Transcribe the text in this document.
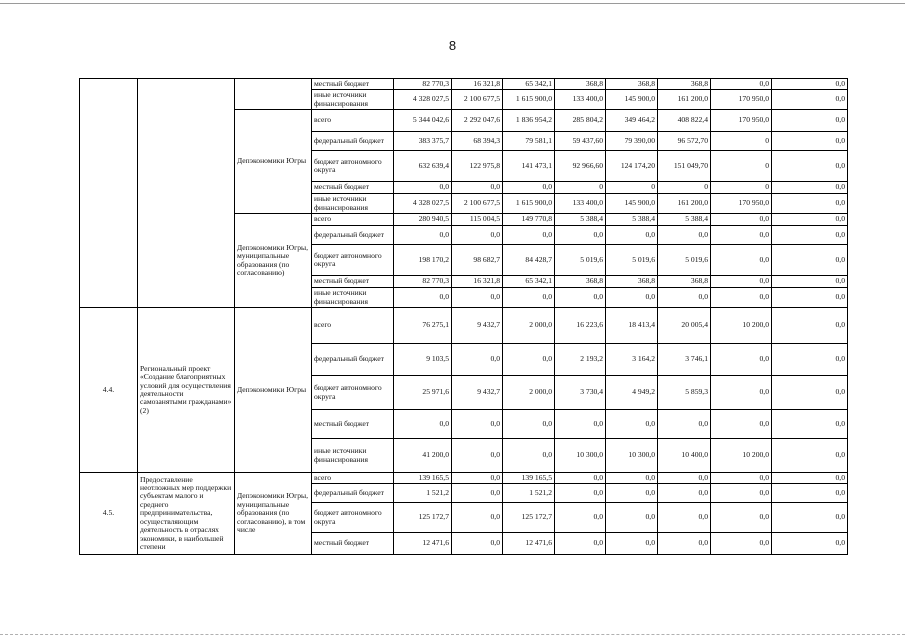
8
			местный бюджет	82 770,3	16 321,8	65 342,1	368,8	368,8	368,8	0,0	0,0	
			иные источники финансирования	4 328 027,5	2 100 677,5	1 615 900,0	133 400,0	145 900,0	161 200,0	170 950,0	0,0	
		Депэкономики Югры	всего	5 344 042,6	2 292 047,6	1 836 954,2	285 804,2	349 464,2	408 822,4	170 950,0	0,0	
			федеральный бюджет	383 375,7	68 394,3	79 581,1	59 437,60	79 390,00	96 572,70	0	0,0	
			бюджет автономного округа	632 639,4	122 975,8	141 473,1	92 966,60	124 174,20	151 049,70	0	0,0	
			местный бюджет	0,0	0,0	0,0	0	0	0	0	0,0	
			иные источники финансирования	4 328 027,5	2 100 677,5	1 615 900,0	133 400,0	145 900,0	161 200,0	170 950,0	0,0	
		Депэкономики Югры, муниципальные образования (по согласованию)	всего	280 940,5	115 004,5	149 770,8	5 388,4	5 388,4	5 388,4	0,0	0,0	
			федеральный бюджет	0,0	0,0	0,0	0,0	0,0	0,0	0,0	0,0	
			бюджет автономного округа	198 170,2	98 682,7	84 428,7	5 019,6	5 019,6	5 019,6	0,0	0,0	
			местный бюджет	82 770,3	16 321,8	65 342,1	368,8	368,8	368,8	0,0	0,0	
			иные источники финансирования	0,0	0,0	0,0	0,0	0,0	0,0	0,0	0,0	
4.4.	Региональный проект «Создание благоприятных условий для осуществления деятельности самозанятыми гражданами» (2)	Депэкономики Югры	всего	76 275,1	9 432,7	2 000,0	16 223,6	18 413,4	20 005,4	10 200,0	0,0	
			федеральный бюджет	9 103,5	0,0	0,0	2 193,2	3 164,2	3 746,1	0,0	0,0	
			бюджет автономного округа	25 971,6	9 432,7	2 000,0	3 730,4	4 949,2	5 859,3	0,0	0,0	
			местный бюджет	0,0	0,0	0,0	0,0	0,0	0,0	0,0	0,0	
			иные источники финансирования	41 200,0	0,0	0,0	10 300,0	10 300,0	10 400,0	10 200,0	0,0	
4.5.	Предоставление неотложных мер поддержки субъектам малого и среднего предпринимательства, осуществляющим деятельность в отраслях экономики, в наибольшей степени	Депэкономики Югры, муниципальные образования (по согласованию), в том числе	всего	139 165,5	0,0	139 165,5	0,0	0,0	0,0	0,0	0,0	
			федеральный бюджет	1 521,2	0,0	1 521,2	0,0	0,0	0,0	0,0	0,0	
			бюджет автономного округа	125 172,7	0,0	125 172,7	0,0	0,0	0,0	0,0	0,0	
			местный бюджет	12 471,6	0,0	12 471,6	0,0	0,0	0,0	0,0	0,0	
